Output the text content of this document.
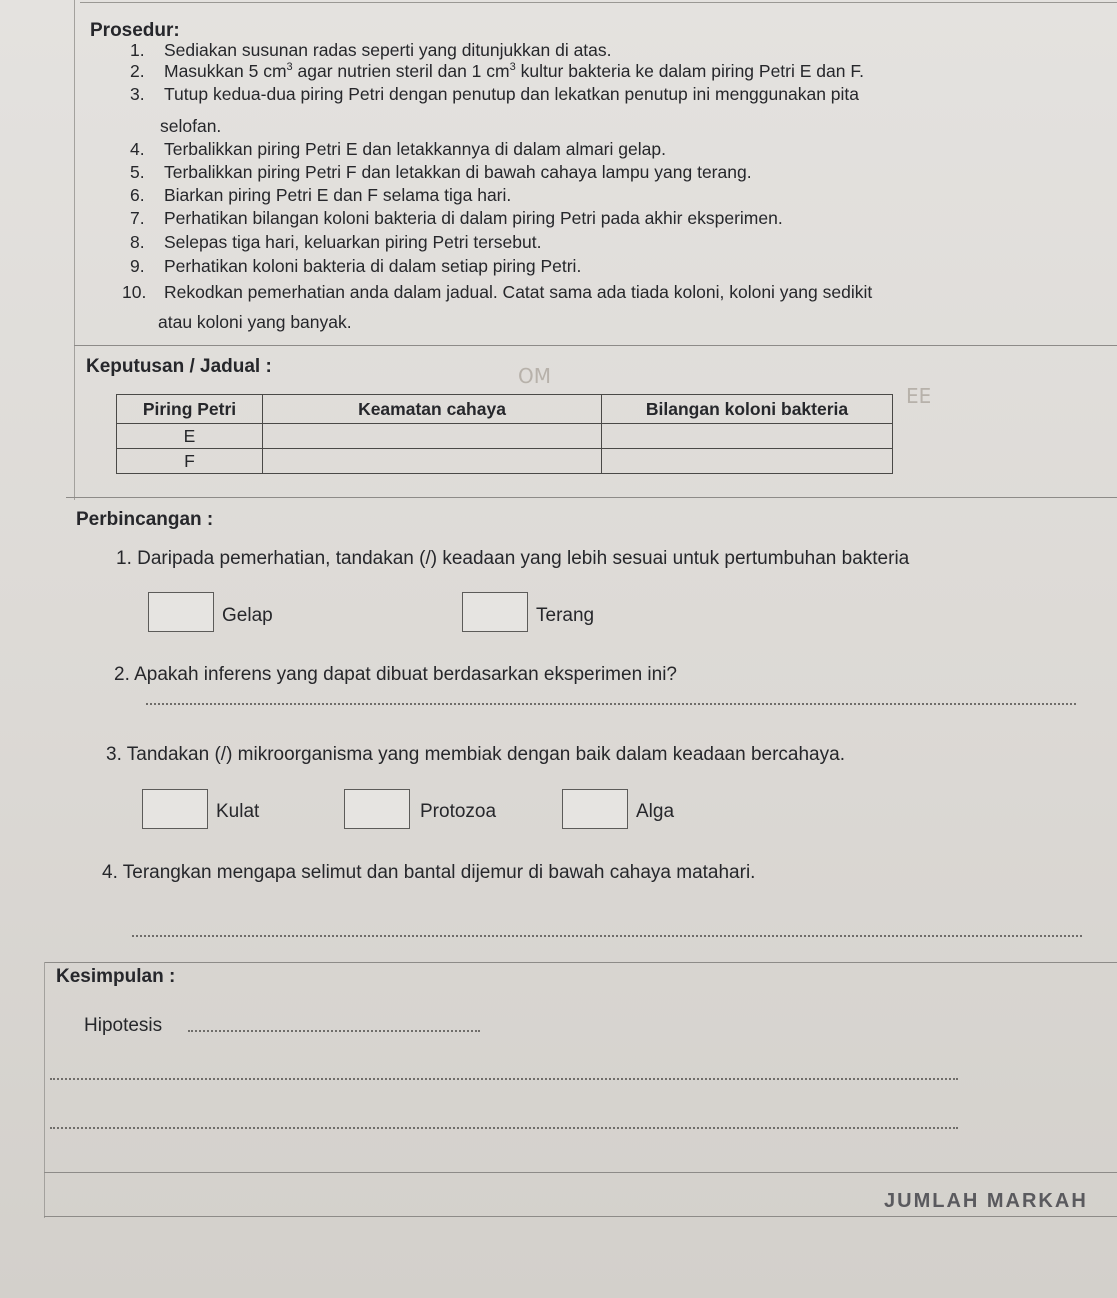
Prosedur:
1. Sediakan susunan radas seperti yang ditunjukkan di atas.
2. Masukkan 5 $cm^3$ agar nutrien steril dan 1 $cm^3$ kultur bakteria ke dalam piring Petri E dan F.
3. Tutup kedua-dua piring Petri dengan penutup dan lekatkan penutup ini menggunakan pita
selofan.
4. Terbalikkan piring Petri E dan letakkannya di dalam almari gelap.
5. Terbalikkan piring Petri F dan letakkan di bawah cahaya lampu yang terang.
6. Biarkan piring Petri E dan F selama tiga hari.
7. Perhatikan bilangan koloni bakteria di dalam piring Petri pada akhir eksperimen.
8. Selepas tiga hari, keluarkan piring Petri tersebut.
9. Perhatikan koloni bakteria di dalam setiap piring Petri.
10. Rekodkan pemerhatian anda dalam jadual. Catat sama ada tiada koloni, koloni yang sedikit
atau koloni yang banyak.
Keputusan / Jadual :	OM
EE
Piring Petri	Keamatan cahaya	Bilangan koloni bakteria
E		
F		
Perbincangan :
1. Daripada pemerhatian, tandakan (/) keadaan yang lebih sesuai untuk pertumbuhan bakteria
Gelap	Terang
2. Apakah inferens yang dapat dibuat berdasarkan eksperimen ini?
3. Tandakan (/) mikroorganisma yang membiak dengan baik dalam keadaan bercahaya.
Kulat	Protozoa	Alga
4. Terangkan mengapa selimut dan bantal dijemur di bawah cahaya matahari.
Kesimpulan :
Hipotesis
JUMLAH MARKAH
